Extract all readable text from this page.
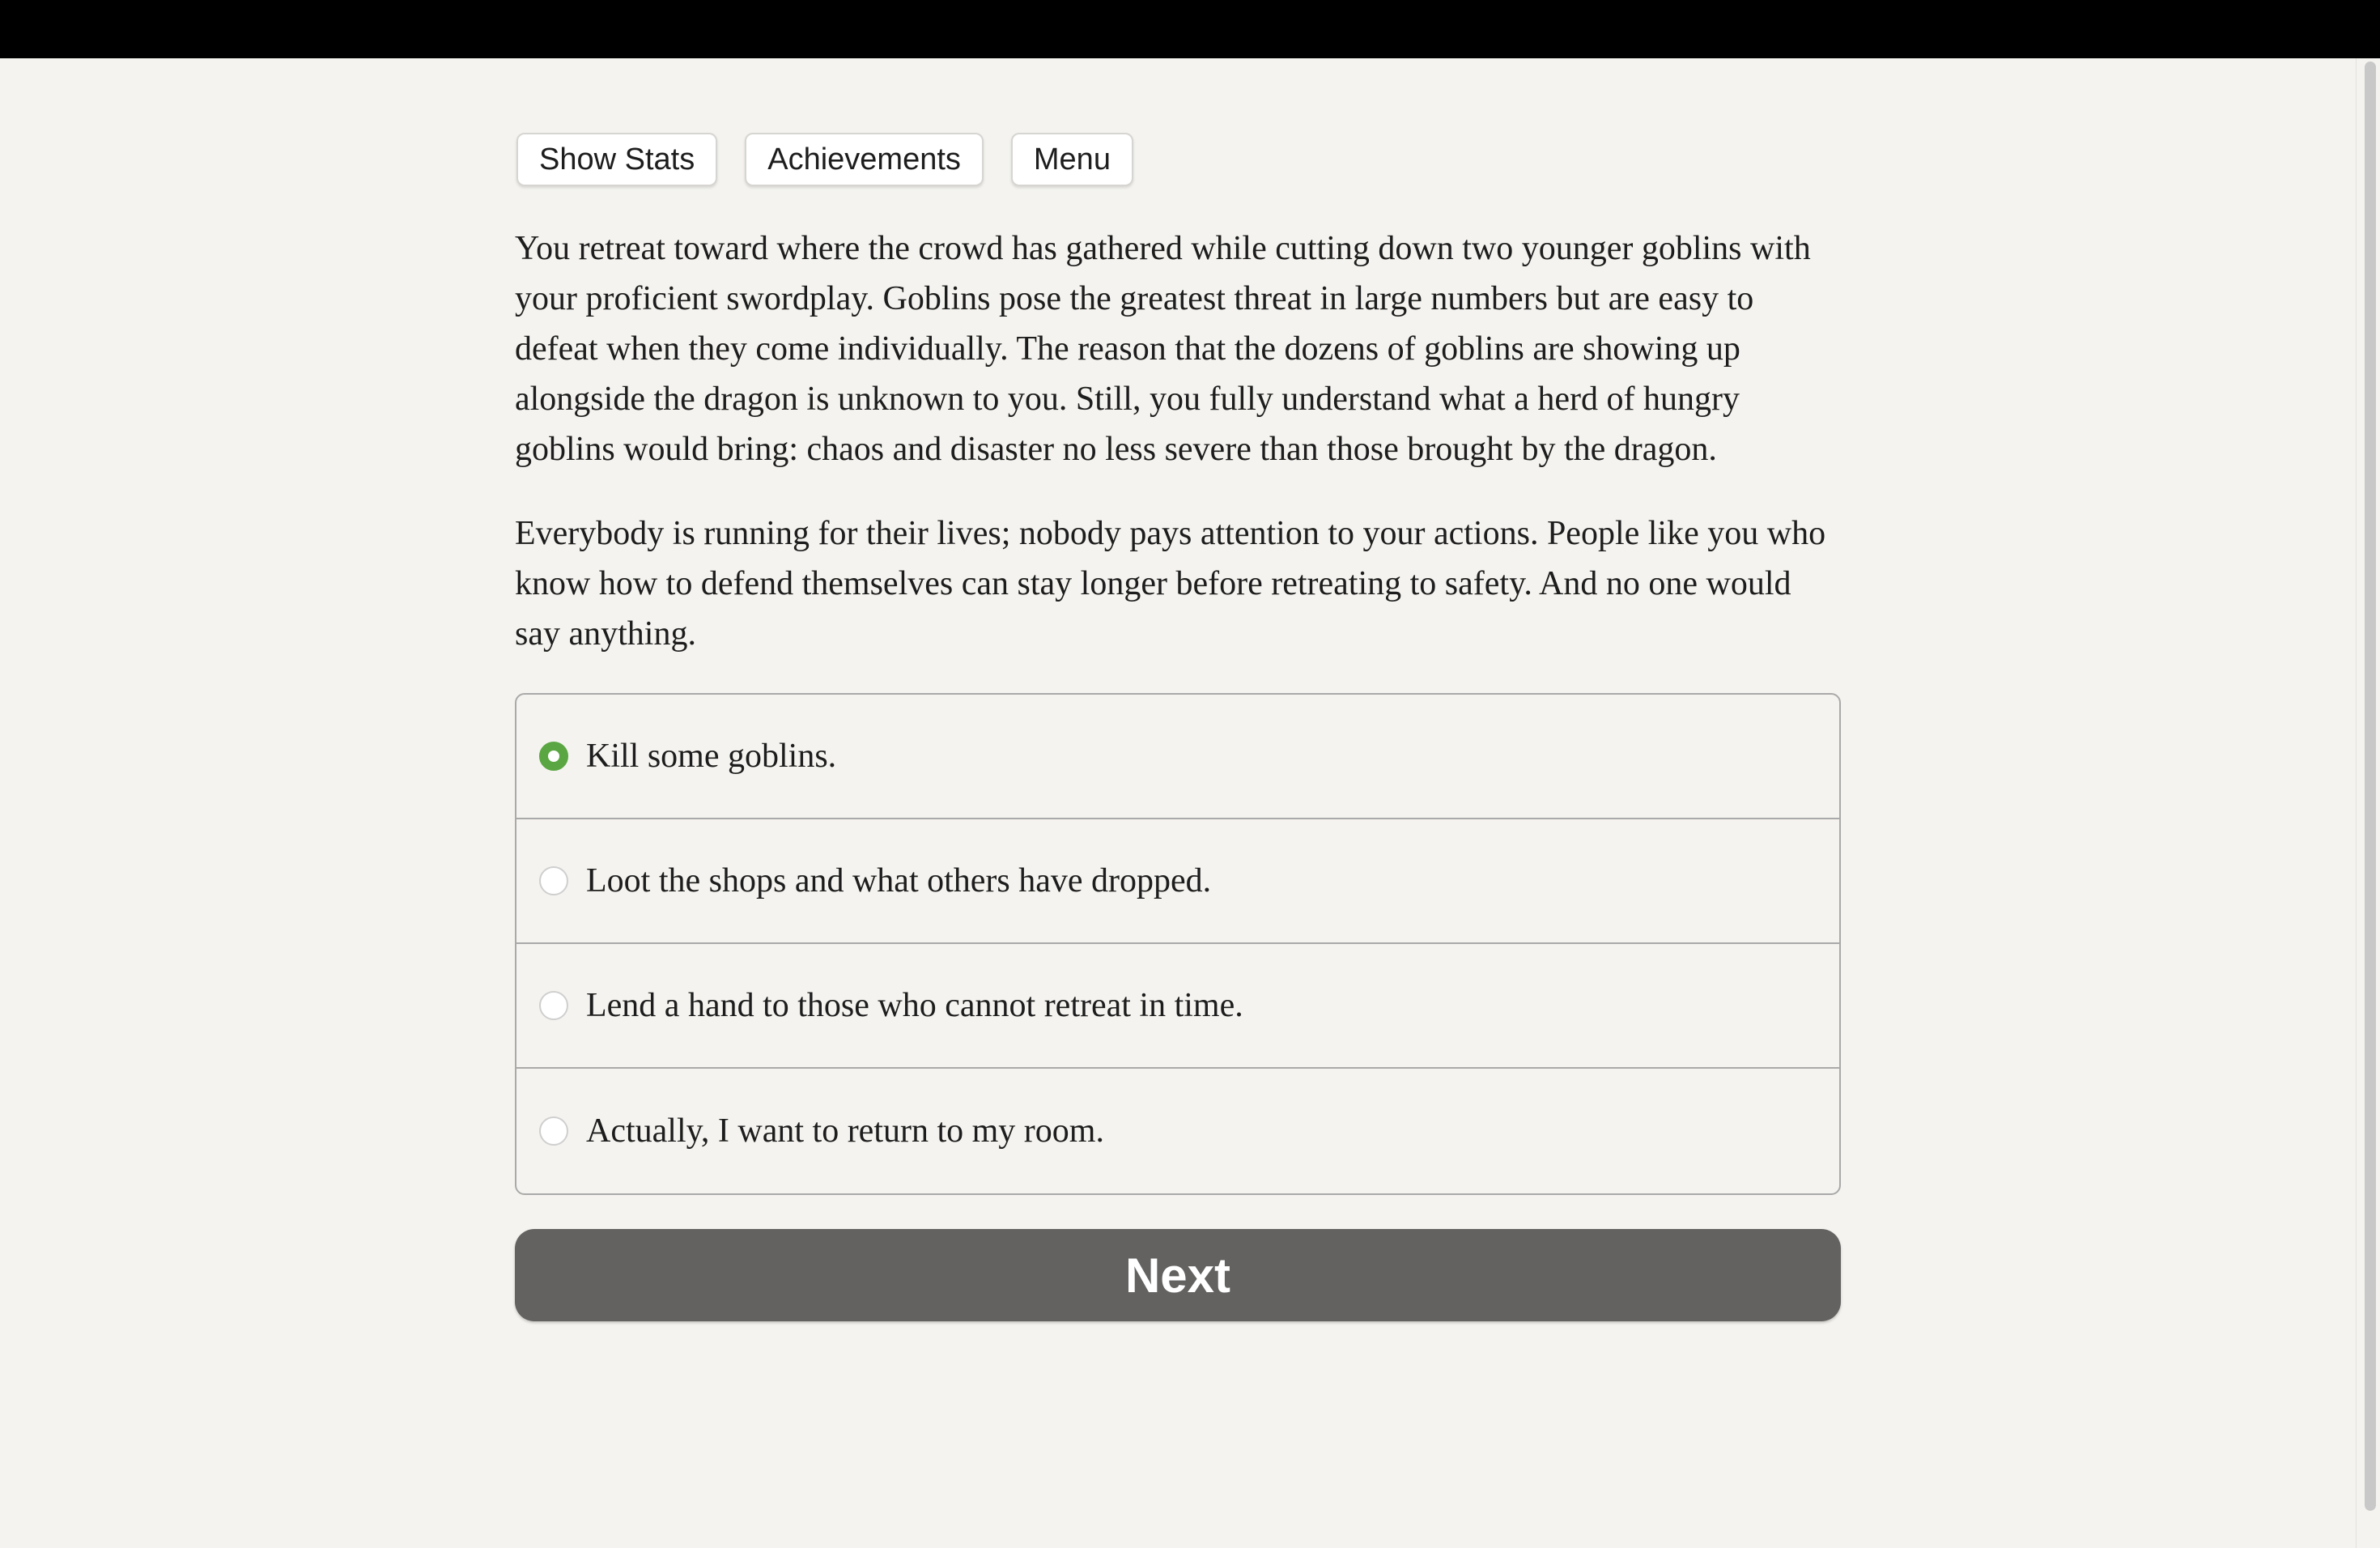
Show Stats	Achievements	Menu

You retreat toward where the crowd has gathered while cutting down two younger goblins with your proficient swordplay. Goblins pose the greatest threat in large numbers but are easy to defeat when they come individually. The reason that the dozens of goblins are showing up alongside the dragon is unknown to you. Still, you fully understand what a herd of hungry goblins would bring: chaos and disaster no less severe than those brought by the dragon.

Everybody is running for their lives; nobody pays attention to your actions. People like you who know how to defend themselves can stay longer before retreating to safety. And no one would say anything.

Kill some goblins.
Loot the shops and what others have dropped.
Lend a hand to those who cannot retreat in time.
Actually, I want to return to my room.
Next
